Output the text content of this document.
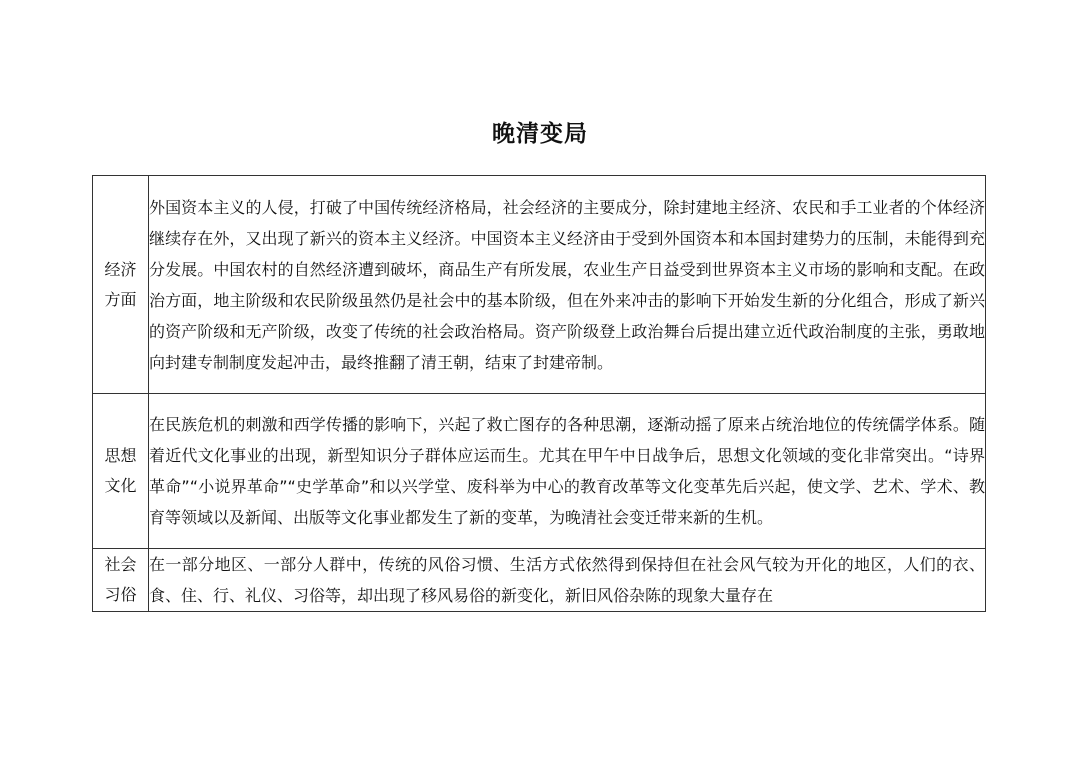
晚清变局
经济
方面	外国资本主义的人侵，打破了中国传统经济格局，社会经济的主要成分，除封建地主经济、农民和手工业者的个体经济继续存在外，又出现了新兴的资本主义经济。中国资本主义经济由于受到外国资本和本国封建势力的压制，未能得到充分发展。中国农村的自然经济遭到破坏，商品生产有所发展，农业生产日益受到世界资本主义市场的影响和支配。在政治方面，地主阶级和农民阶级虽然仍是社会中的基本阶级，但在外来冲击的影响下开始发生新的分化组合，形成了新兴的资产阶级和无产阶级，改变了传统的社会政治格局。资产阶级登上政治舞台后提出建立近代政治制度的主张，勇敢地向封建专制制度发起冲击，最终推翻了清王朝，结束了封建帝制。

思想
文化	在民族危机的刺激和西学传播的影响下，兴起了救亡图存的各种思潮，逐渐动摇了原来占统治地位的传统儒学体系。随着近代文化事业的出现，新型知识分子群体应运而生。尤其在甲午中日战争后，思想文化领域的变化非常突出。“诗界革命”“小说界革命”“史学革命”和以兴学堂、废科举为中心的教育改革等文化变革先后兴起，使文学、艺术、学术、教育等领域以及新闻、出版等文化事业都发生了新的变革，为晚清社会变迁带来新的生机。

社会
习俗	在一部分地区、一部分人群中，传统的风俗习惯、生活方式依然得到保持但在社会风气较为开化的地区，人们的衣、食、住、行、礼仪、习俗等，却出现了移风易俗的新变化，新旧风俗杂陈的现象大量存在
